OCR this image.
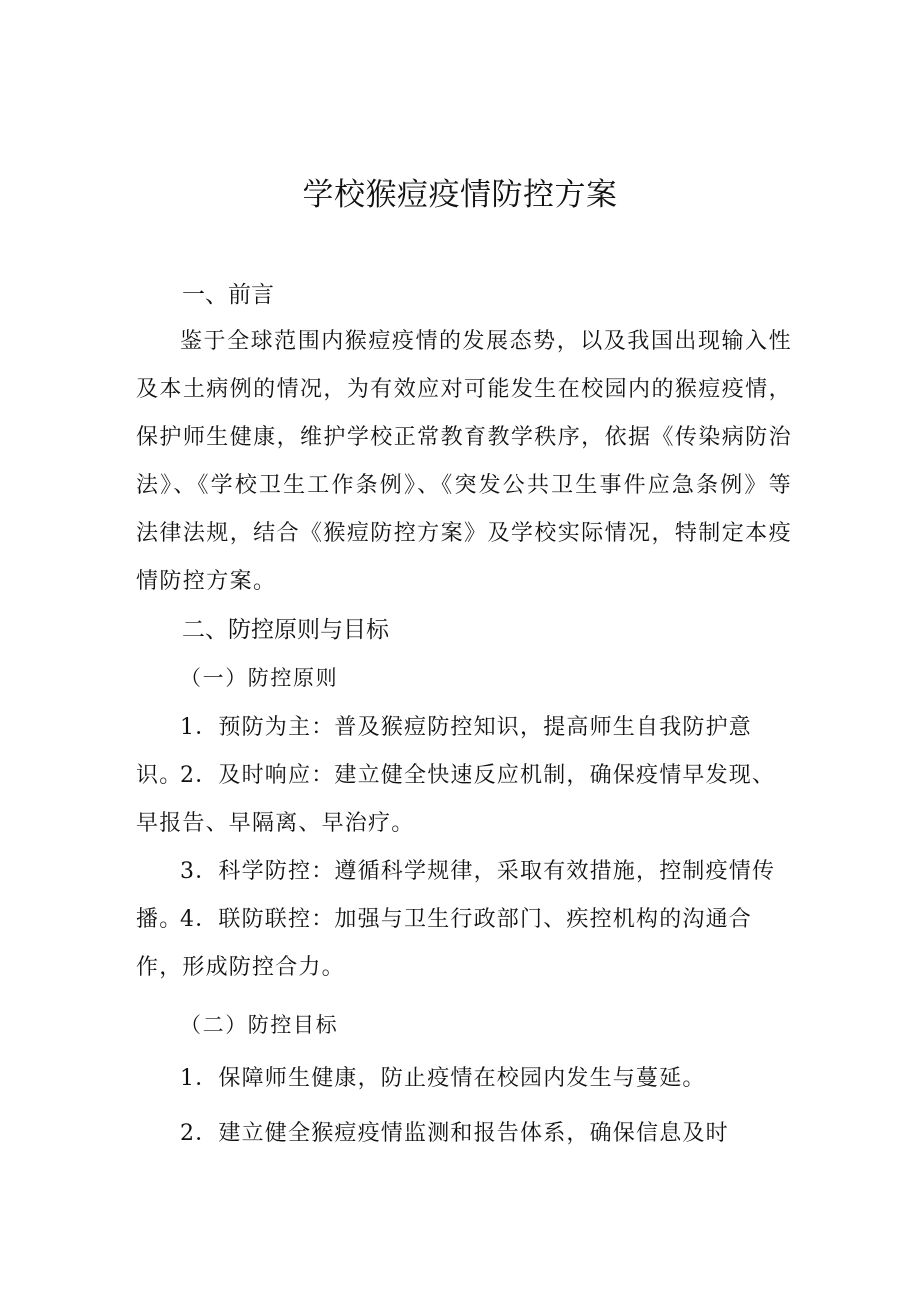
学校猴痘疫情防控方案
一、前言

鉴于全球范围内猴痘疫情的发展态势，以及我国出现输入性及本土病例的情况，为有效应对可能发生在校园内的猴痘疫情，保护师生健康，维护学校正常教育教学秩序，依据《传染病防治法》、《学校卫生工作条例》、《突发公共卫生事件应急条例》等法律法规，结合《猴痘防控方案》及学校实际情况，特制定本疫情防控方案。

二、防控原则与目标
（一）防控原则

1．预防为主：普及猴痘防控知识，提高师生自我防护意识。

2．及时响应：建立健全快速反应机制，确保疫情早发现、早报告、早隔离、早治疗。

3．科学防控：遵循科学规律，采取有效措施，控制疫情传播。

4．联防联控：加强与卫生行政部门、疾控机构的沟通合作，形成防控合力。

（二）防控目标

1．保障师生健康，防止疫情在校园内发生与蔓延。

2．建立健全猴痘疫情监测和报告体系，确保信息及时
